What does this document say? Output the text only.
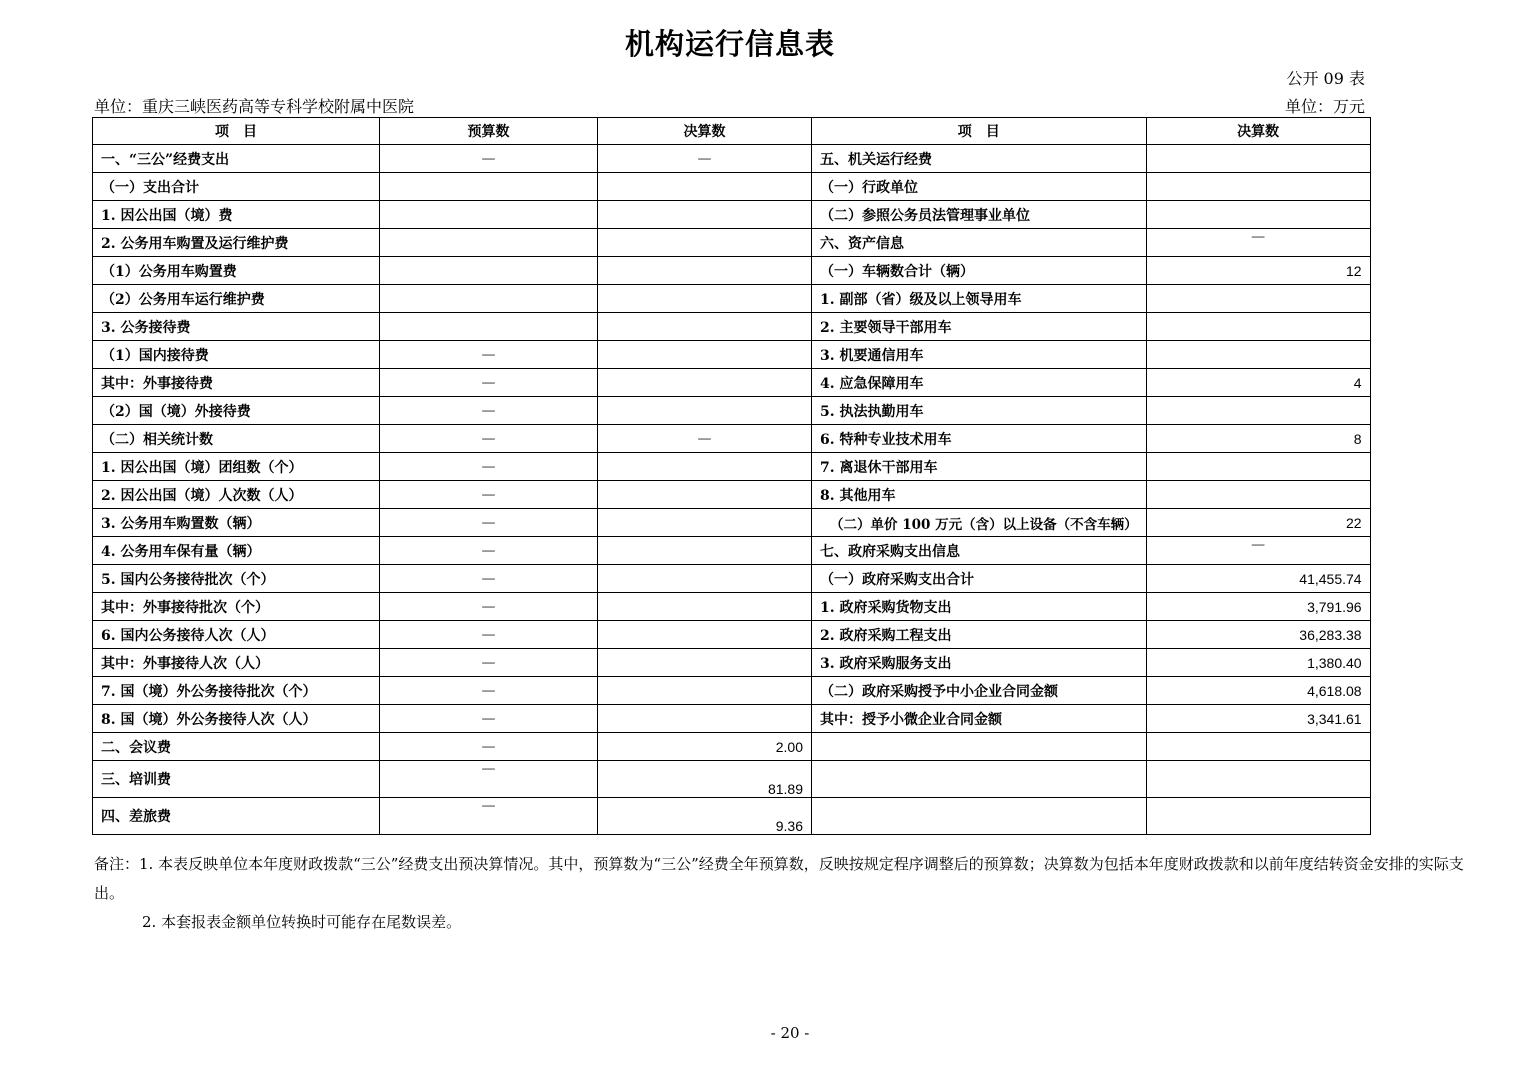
机构运行信息表
公开 09 表
单位：重庆三峡医药高等专科学校附属中医院	单位：万元
项　目	预算数	决算数	项　目	决算数
一、“三公”经费支出	—	—	五、机关运行经费	
（一）支出合计			（一）行政单位	
1. 因公出国（境）费			（二）参照公务员法管理事业单位	
2. 公务用车购置及运行维护费			六、资产信息	—
（1）公务用车购置费			（一）车辆数合计（辆）	12
（2）公务用车运行维护费			1. 副部（省）级及以上领导用车	
3. 公务接待费			2. 主要领导干部用车	
（1）国内接待费	—		3. 机要通信用车	
其中：外事接待费	—		4. 应急保障用车	4
（2）国（境）外接待费	—		5. 执法执勤用车	
（二）相关统计数	—	—	6. 特种专业技术用车	8
1. 因公出国（境）团组数（个）	—		7. 离退休干部用车	
2. 因公出国（境）人次数（人）	—		8. 其他用车	
3. 公务用车购置数（辆）	—		（二）单价 100 万元（含）以上设备（不含车辆）	22
4. 公务用车保有量（辆）	—		七、政府采购支出信息	—
5. 国内公务接待批次（个）	—		（一）政府采购支出合计	41,455.74
其中：外事接待批次（个）	—		1. 政府采购货物支出	3,791.96
6. 国内公务接待人次（人）	—		2. 政府采购工程支出	36,283.38
其中：外事接待人次（人）	—		3. 政府采购服务支出	1,380.40
7. 国（境）外公务接待批次（个）	—		（二）政府采购授予中小企业合同金额	4,618.08
8. 国（境）外公务接待人次（人）	—		其中：授予小微企业合同金额	3,341.61
二、会议费	—	2.00		
三、培训费	—	81.89		
四、差旅费	—	9.36		
备注：1. 本表反映单位本年度财政拨款“三公”经费支出预决算情况。其中，预算数为“三公”经费全年预算数，反映按规定程序调整后的预算数；决算数为包括本年度财政拨款和以前年度结转资金安排的实际支出。
2. 本套报表金额单位转换时可能存在尾数误差。
- 20 -
